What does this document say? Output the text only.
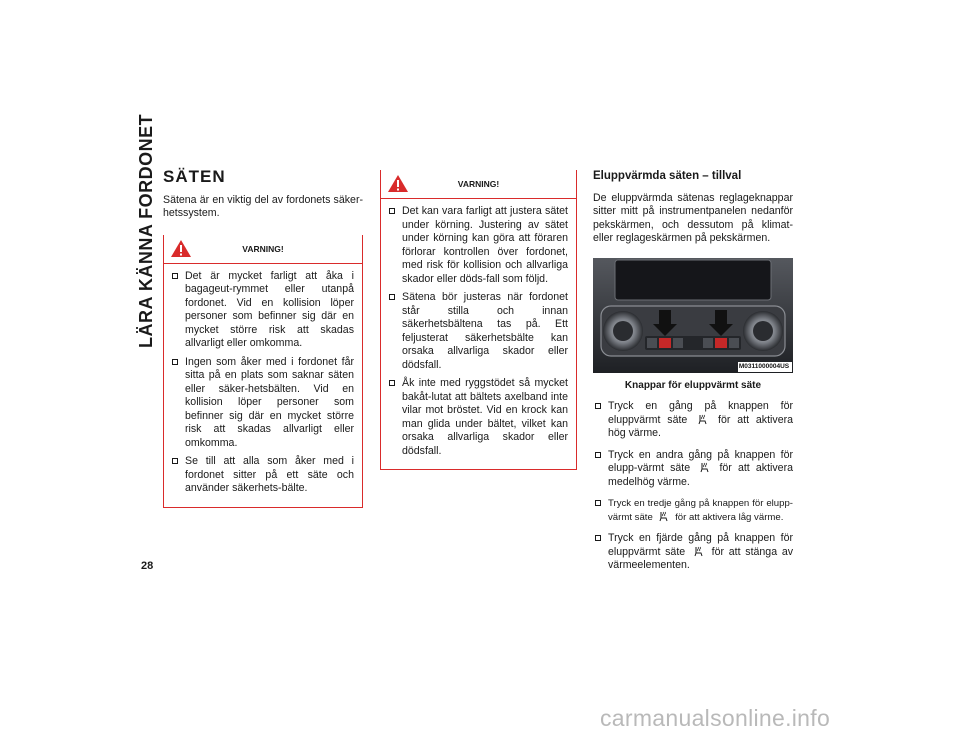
LÄRA KÄNNA FORDONET
28
SÄTEN

Sätena är en viktig del av fordonets säker-hetssystem.

VARNING!
Det är mycket farligt att åka i bagageut-rymmet eller utanpå fordonet. Vid en kollision löper personer som befinner sig där en mycket större risk att skadas allvarligt eller omkomma.
Ingen som åker med i fordonet får sitta på en plats som saknar säten eller säker-hetsbälten. Vid en kollision löper personer som befinner sig där en mycket större risk att skadas allvarligt eller omkomma.
Se till att alla som åker med i fordonet sitter på ett säte och använder säkerhets-bälte.
VARNING!
Det kan vara farligt att justera sätet under körning. Justering av sätet under körning kan göra att föraren förlorar kontrollen över fordonet, med risk för kollision och allvarliga skador eller döds-fall som följd.
Sätena bör justeras när fordonet står stilla och innan säkerhetsbältena tas på. Ett feljusterat säkerhetsbälte kan orsaka allvarliga skador eller dödsfall.
Åk inte med ryggstödet så mycket bakåt-lutat att bältets axelband inte vilar mot bröstet. Vid en krock kan man glida under bältet, vilket kan orsaka allvarliga skador eller dödsfall.
Eluppvärmda säten – tillval

De eluppvärmda sätenas reglageknappar sitter mitt på instrumentpanelen nedanför pekskärmen, och dessutom på klimat- eller reglageskärmen på pekskärmen.

M0311000004US
Knappar för eluppvärmt säte
Tryck en gång på knappen för eluppvärmt säte	för att aktivera hög värme.
Tryck en andra gång på knappen för elupp-värmt säte	för att aktivera medelhög värme.
Tryck en tredje gång på knappen för elupp-värmt säte för att aktivera låg värme.
Tryck en fjärde gång på knappen för eluppvärmt säte	för att stänga av värmeelementen.
carmanualsonline.info
